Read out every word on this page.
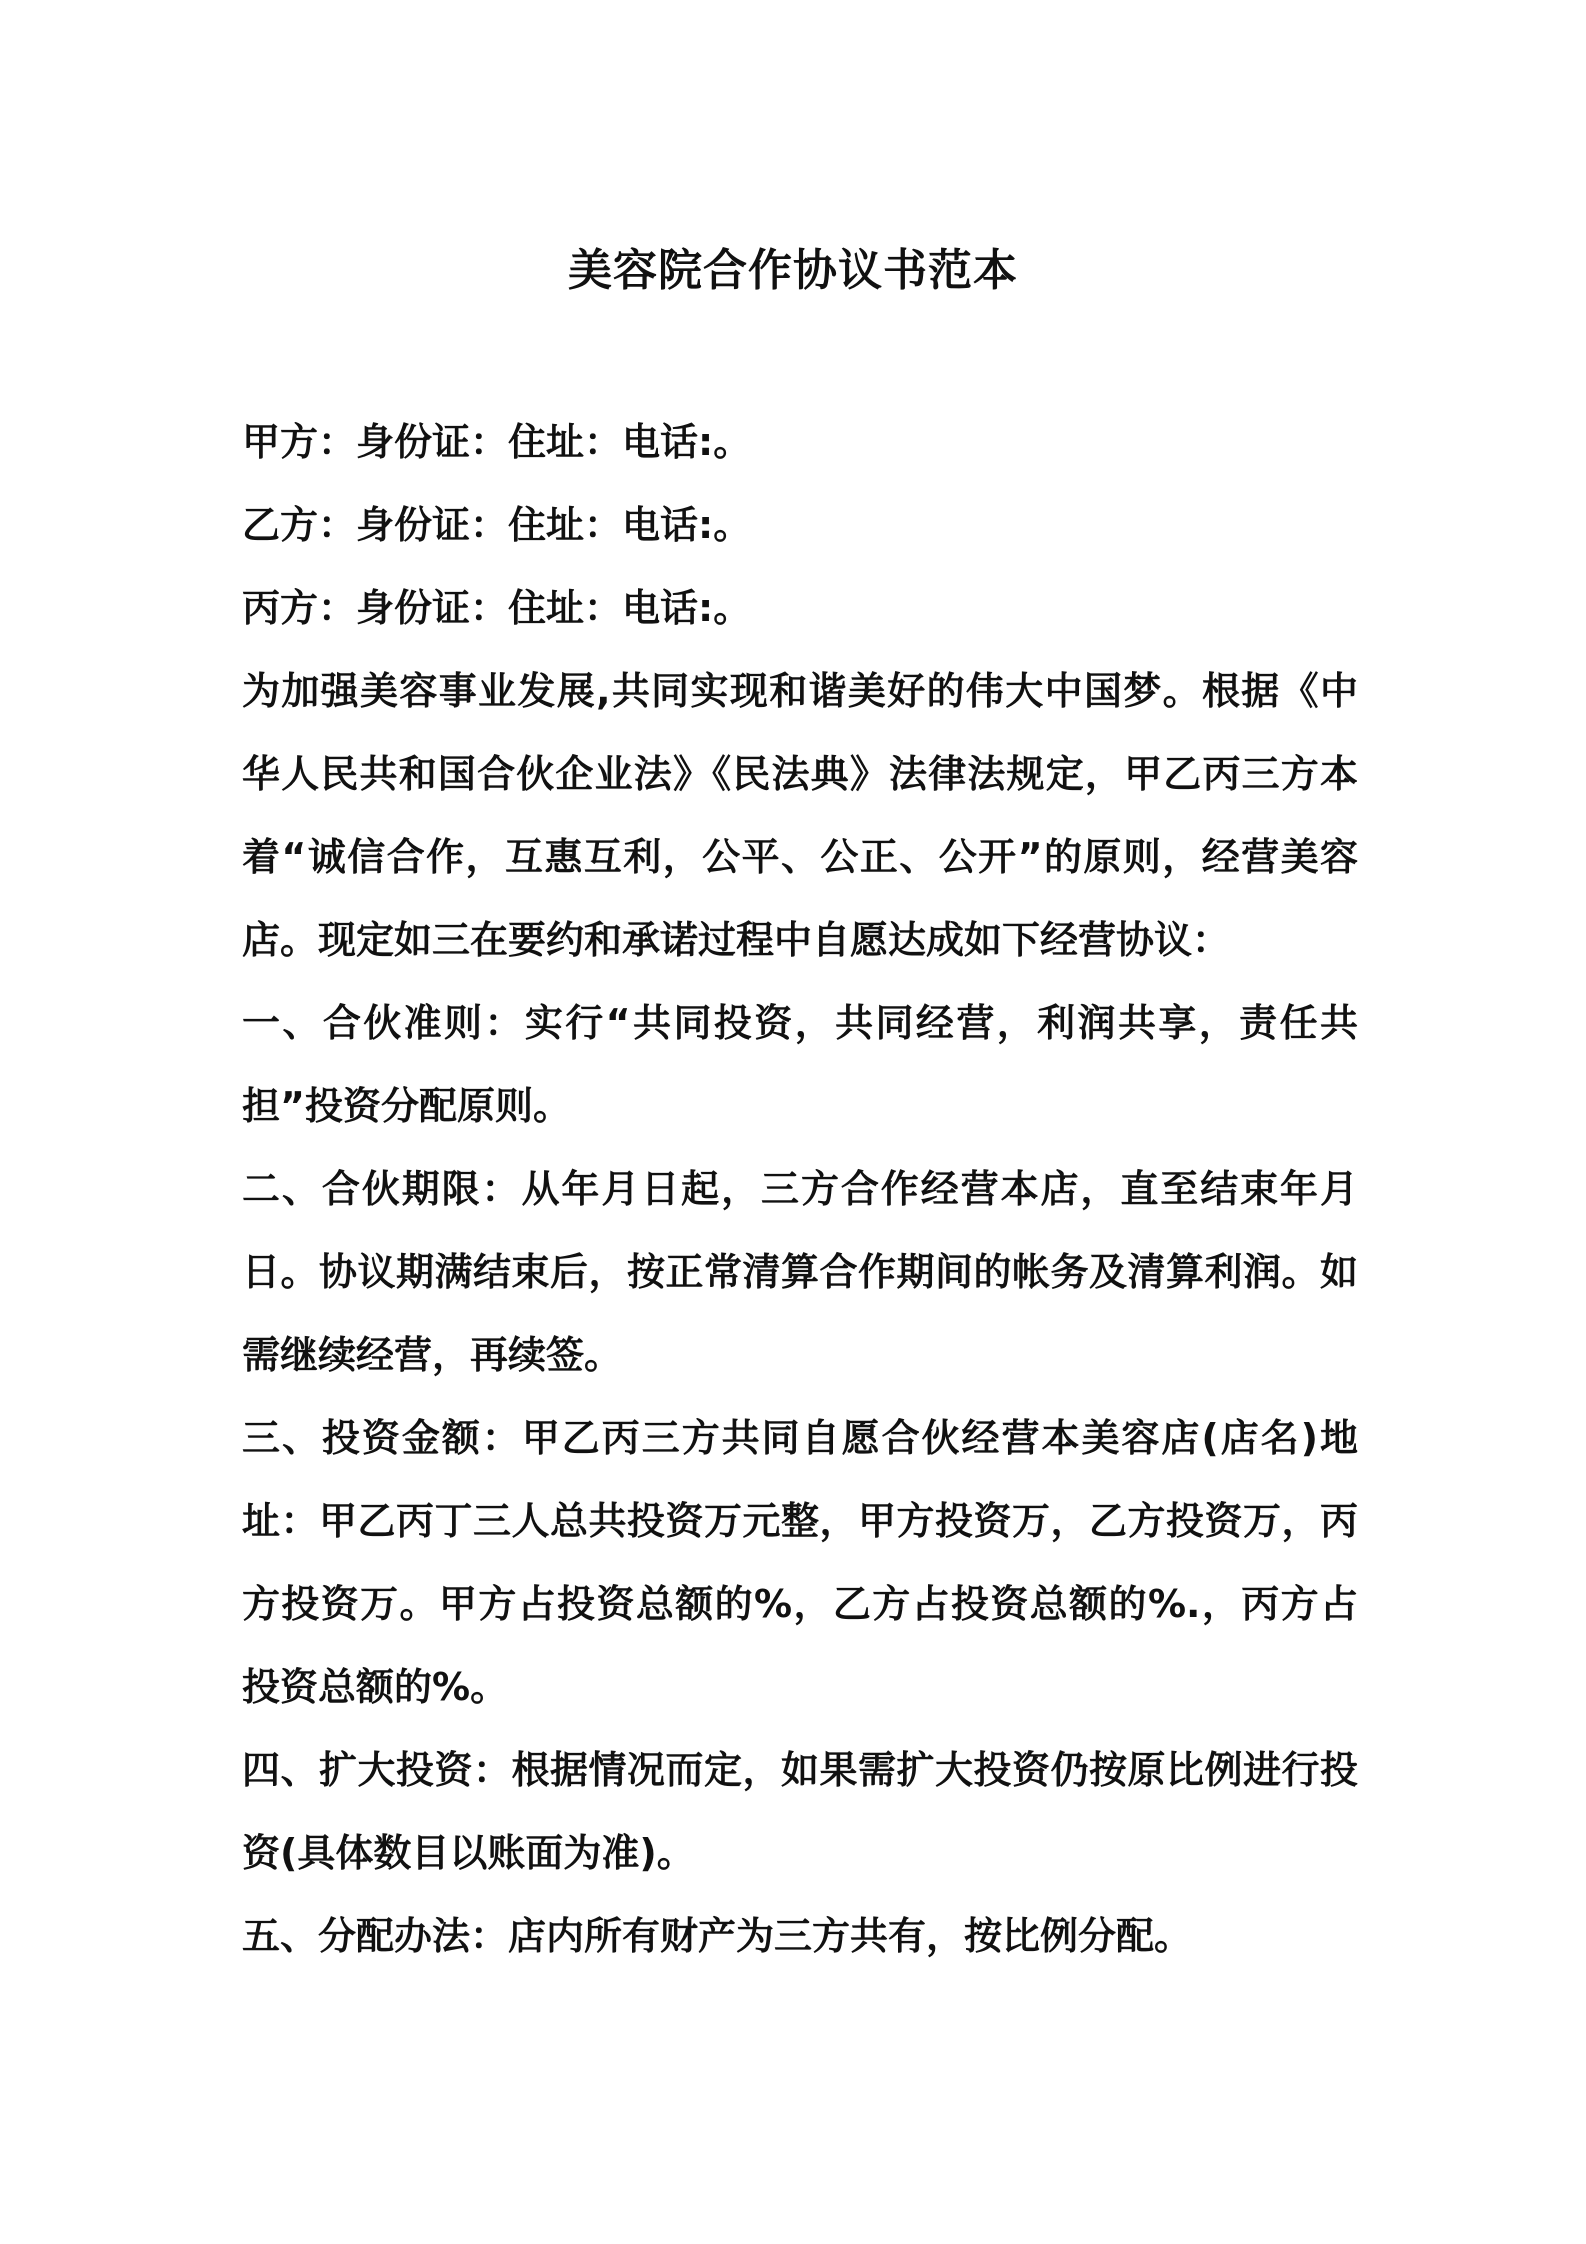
美容院合作协议书范本

甲方：身份证：住址：电话:。

乙方：身份证：住址：电话:。

丙方：身份证：住址：电话:。

为加强美容事业发展,共同实现和谐美好的伟大中国梦。根据《中华人民共和国合伙企业法》《民法典》法律法规定，甲乙丙三方本着“诚信合作，互惠互利，公平、公正、公开”的原则，经营美容店。现定如三在要约和承诺过程中自愿达成如下经营协议：

一、合伙准则：实行“共同投资，共同经营，利润共享，责任共担”投资分配原则。

二、合伙期限：从年月日起，三方合作经营本店，直至结束年月日。协议期满结束后，按正常清算合作期间的帐务及清算利润。如需继续经营，再续签。

三、投资金额：甲乙丙三方共同自愿合伙经营本美容店(店名)地址：甲乙丙丁三人总共投资万元整，甲方投资万，乙方投资万，丙方投资万。甲方占投资总额的%，乙方占投资总额的%.，丙方占投资总额的%。

四、扩大投资：根据情况而定，如果需扩大投资仍按原比例进行投资(具体数目以账面为准)。

五、分配办法：店内所有财产为三方共有，按比例分配。
